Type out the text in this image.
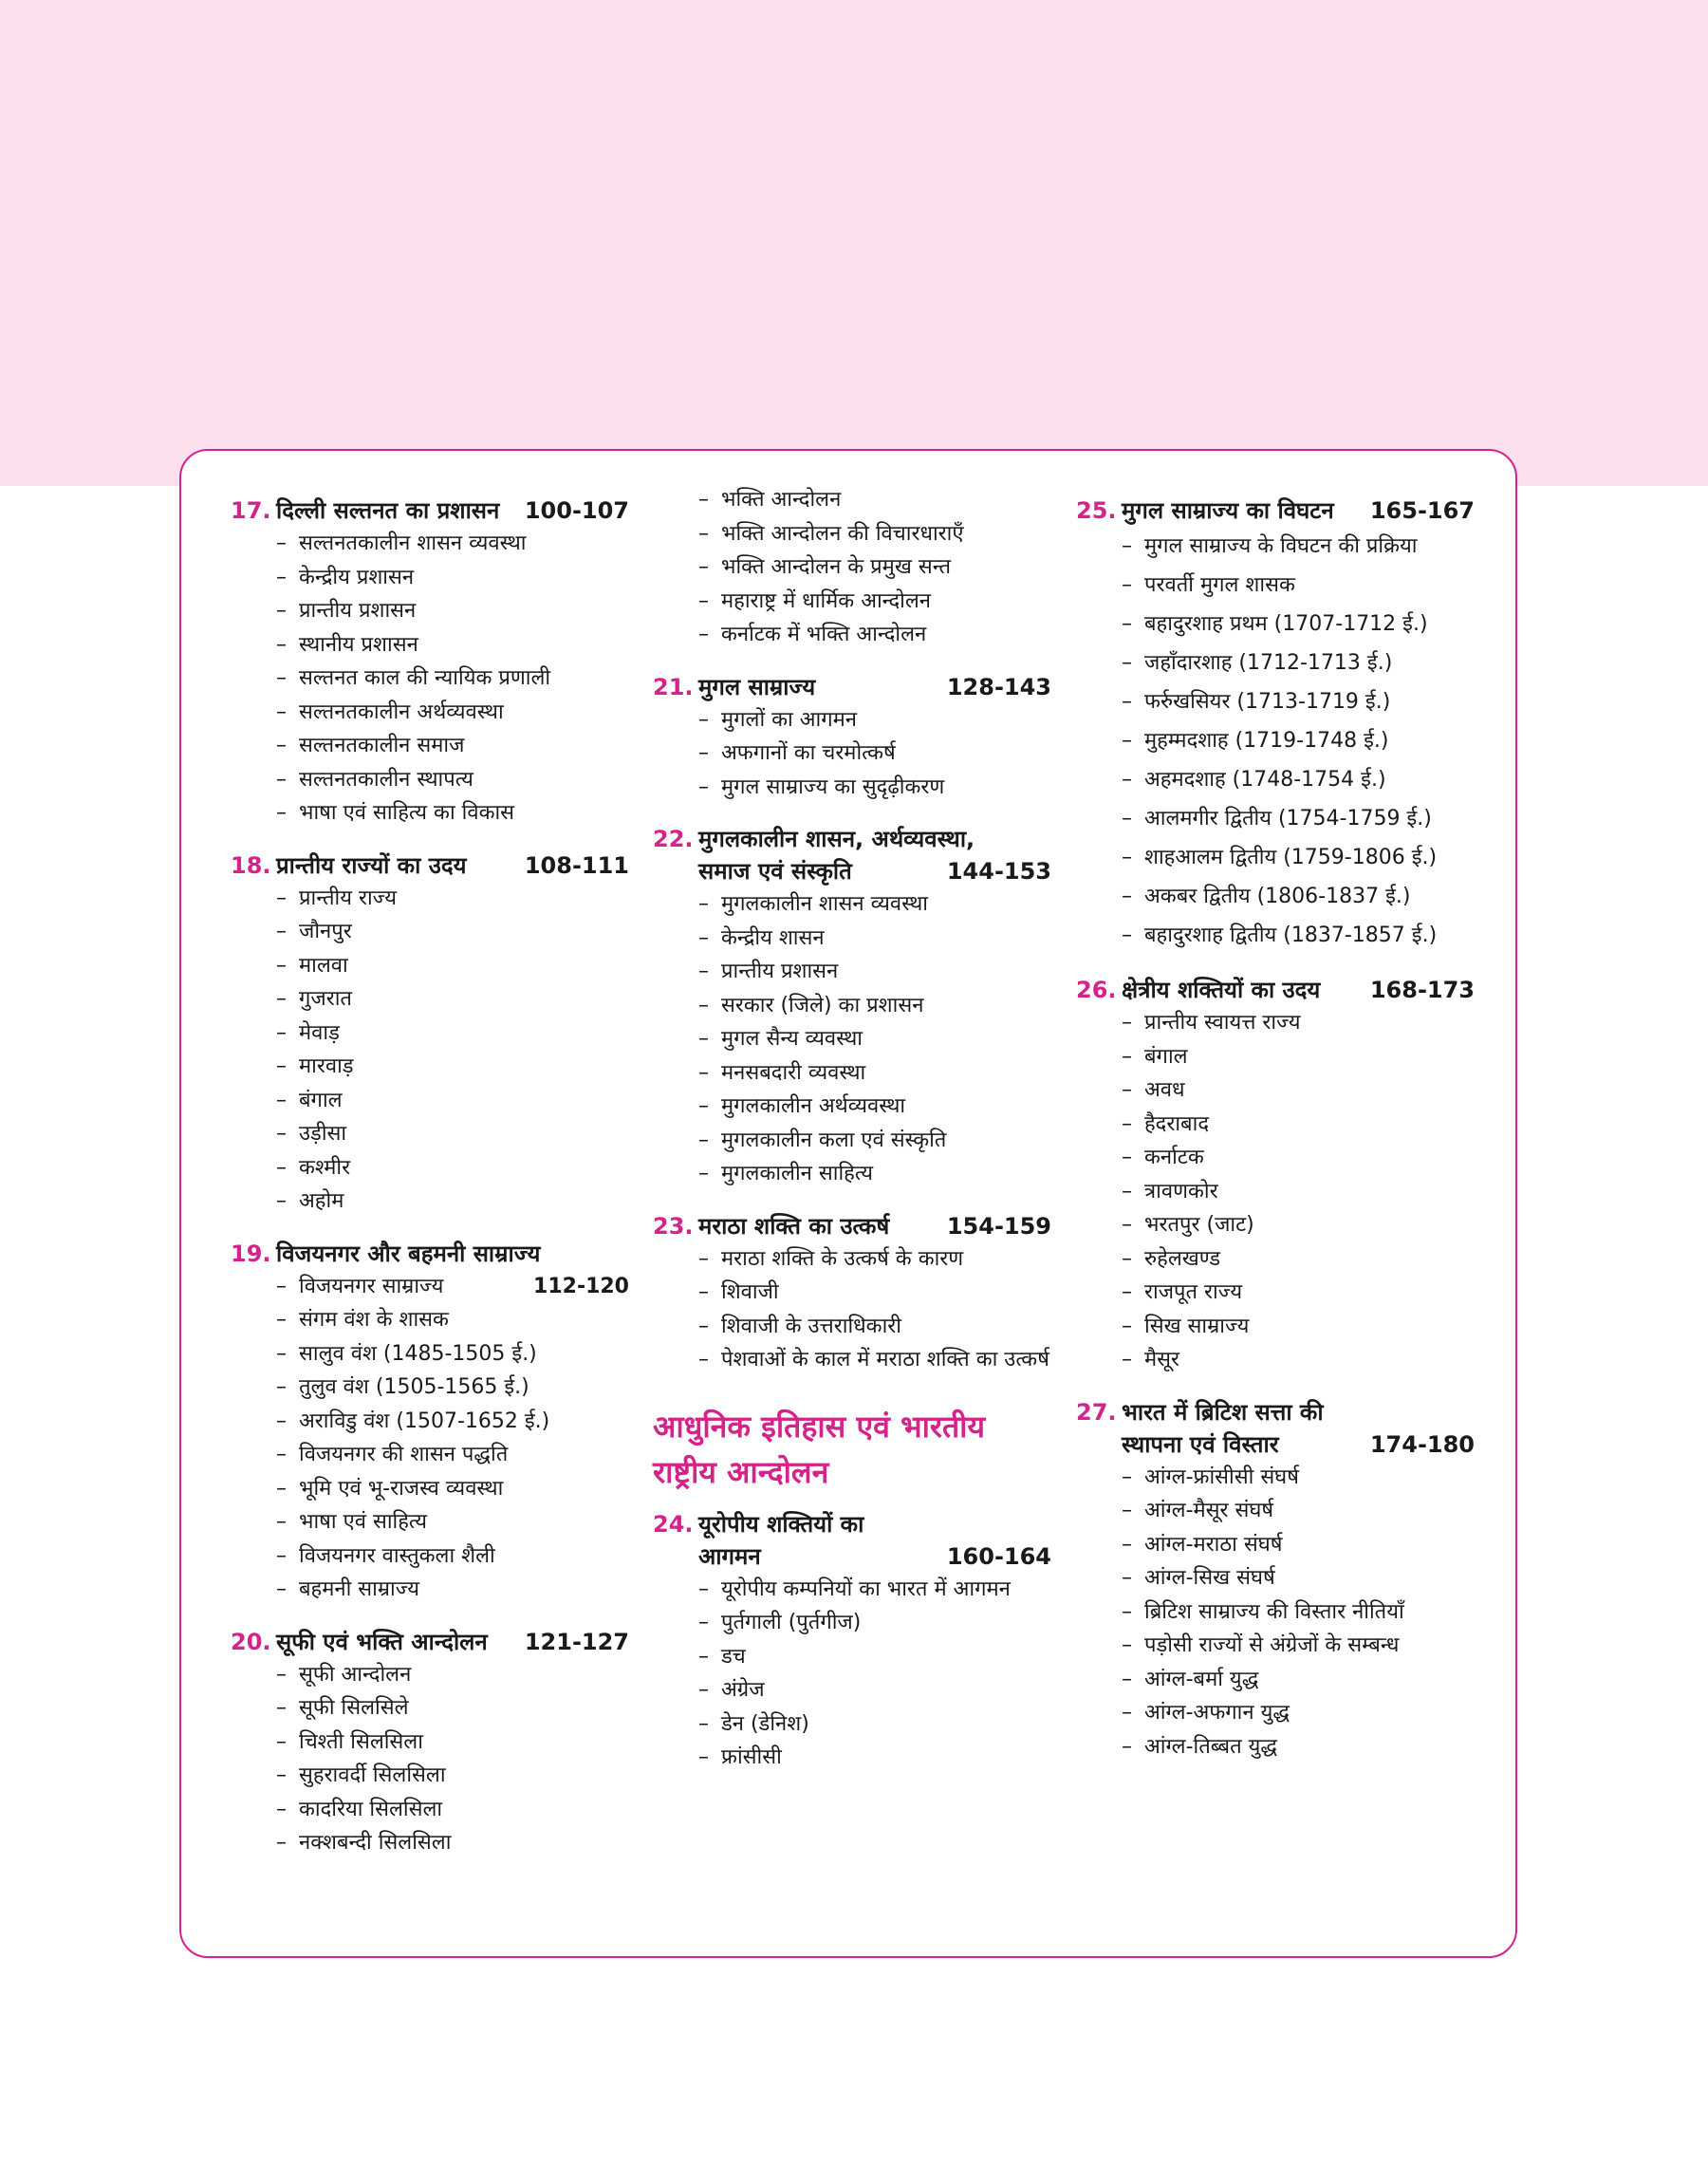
17. दिल्ली सल्तनत का प्रशासन 100-107
– सल्तनतकालीन शासन व्यवस्था
– केन्द्रीय प्रशासन
– प्रान्तीय प्रशासन
– स्थानीय प्रशासन
– सल्तनत काल की न्यायिक प्रणाली
– सल्तनतकालीन अर्थव्यवस्था
– सल्तनतकालीन समाज
– सल्तनतकालीन स्थापत्य
– भाषा एवं साहित्य का विकास
18. प्रान्तीय राज्यों का उदय	108-111
– प्रान्तीय राज्य
– जौनपुर
– मालवा
– गुजरात
– मेवाड़
– मारवाड़
– बंगाल
– उड़ीसा
– कश्मीर
– अहोम
19. विजयनगर और बहमनी साम्राज्य
– विजयनगर साम्राज्य	112-120
– संगम वंश के शासक
– सालुव वंश (1485-1505 ई.)
– तुलुव वंश (1505-1565 ई.)
– अराविडु वंश (1507-1652 ई.)
– विजयनगर की शासन पद्धति
– भूमि एवं भू-राजस्व व्यवस्था
– भाषा एवं साहित्य
– विजयनगर वास्तुकला शैली
– बहमनी साम्राज्य
20. सूफी एवं भक्ति आन्दोलन 121-127
– सूफी आन्दोलन
– सूफी सिलसिले
– चिश्ती सिलसिला
– सुहरावर्दी सिलसिला
– कादरिया सिलसिला
– नक्शबन्दी सिलसिला
– भक्ति आन्दोलन
– भक्ति आन्दोलन की विचारधाराएँ
– भक्ति आन्दोलन के प्रमुख सन्त
– महाराष्ट्र में धार्मिक आन्दोलन
– कर्नाटक में भक्ति आन्दोलन
21. मुगल साम्राज्य	128-143
– मुगलों का आगमन
– अफगानों का चरमोत्कर्ष
– मुगल साम्राज्य का सुदृढ़ीकरण
22. मुगलकालीन शासन, अर्थव्यवस्था,
समाज एवं संस्कृति	144-153
– मुगलकालीन शासन व्यवस्था
– केन्द्रीय शासन
– प्रान्तीय प्रशासन
– सरकार (जिले) का प्रशासन
– मुगल सैन्य व्यवस्था
– मनसबदारी व्यवस्था
– मुगलकालीन अर्थव्यवस्था
– मुगलकालीन कला एवं संस्कृति
– मुगलकालीन साहित्य
23. मराठा शक्ति का उत्कर्ष	154-159
– मराठा शक्ति के उत्कर्ष के कारण
– शिवाजी
– शिवाजी के उत्तराधिकारी
– पेशवाओं के काल में मराठा शक्ति का उत्कर्ष
आधुनिक इतिहास एवं भारतीय राष्ट्रीय आन्दोलन
24. यूरोपीय शक्तियों का
आगमन	160-164
– यूरोपीय कम्पनियों का भारत में आगमन
– पुर्तगाली (पुर्तगीज)
– डच
– अंग्रेज
– डेन (डेनिश)
– फ्रांसीसी
25. मुगल साम्राज्य का विघटन 165-167
– मुगल साम्राज्य के विघटन की प्रक्रिया
– परवर्ती मुगल शासक
– बहादुरशाह प्रथम (1707-1712 ई.)
– जहाँदारशाह (1712-1713 ई.)
– फर्रुखसियर (1713-1719 ई.)
– मुहम्मदशाह (1719-1748 ई.)
– अहमदशाह (1748-1754 ई.)
– आलमगीर द्वितीय (1754-1759 ई.)
– शाहआलम द्वितीय (1759-1806 ई.)
– अकबर द्वितीय (1806-1837 ई.)
– बहादुरशाह द्वितीय (1837-1857 ई.)
26. क्षेत्रीय शक्तियों का उदय 168-173
– प्रान्तीय स्वायत्त राज्य
– बंगाल
– अवध
– हैदराबाद
– कर्नाटक
– त्रावणकोर
– भरतपुर (जाट)
– रुहेलखण्ड
– राजपूत राज्य
– सिख साम्राज्य
– मैसूर
27. भारत में ब्रिटिश सत्ता की
स्थापना एवं विस्तार	174-180
– आंग्ल-फ्रांसीसी संघर्ष
– आंग्ल-मैसूर संघर्ष
– आंग्ल-मराठा संघर्ष
– आंग्ल-सिख संघर्ष
– ब्रिटिश साम्राज्य की विस्तार नीतियाँ
– पड़ोसी राज्यों से अंग्रेजों के सम्बन्ध
– आंग्ल-बर्मा युद्ध
– आंग्ल-अफगान युद्ध
– आंग्ल-तिब्बत युद्ध
